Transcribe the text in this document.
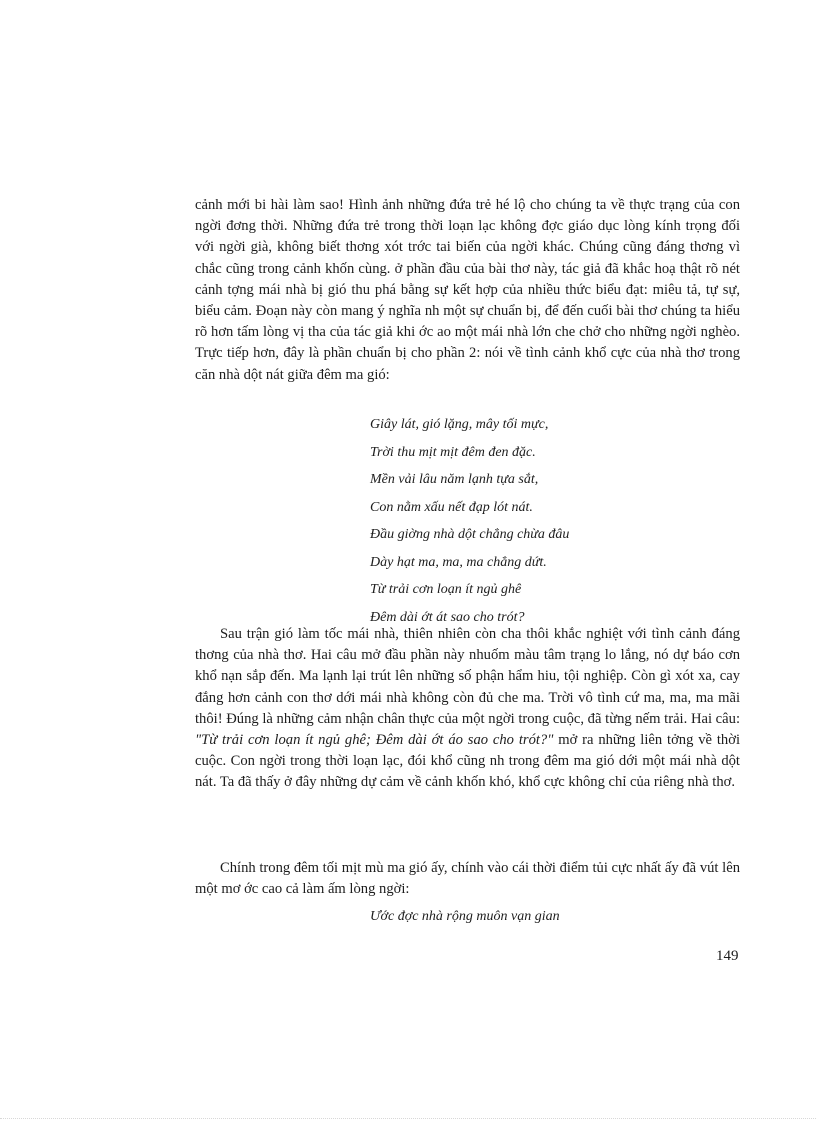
cảnh mới bi hài làm sao! Hình ảnh những đứa trẻ hé lộ cho chúng ta về thực trạng của con ngời đơng thời. Những đứa trẻ trong thời loạn lạc không đợc giáo dục lòng kính trọng đối với ngời già, không biết thơng xót trớc tai biến của ngời khác. Chúng cũng đáng thơng vì chắc cũng trong cảnh khốn cùng. ở phần đầu của bài thơ này, tác giả đã khắc hoạ thật rõ nét cảnh tợng mái nhà bị gió thu phá bằng sự kết hợp của nhiều thức biểu đạt: miêu tả, tự sự, biểu cảm. Đoạn này còn mang ý nghĩa nh một sự chuẩn bị, để đến cuối bài thơ chúng ta hiểu rõ hơn tấm lòng vị tha của tác giả khi ớc ao một mái nhà lớn che chở cho những ngời nghèo. Trực tiếp hơn, đây là phần chuẩn bị cho phần 2: nói về tình cảnh khổ cực của nhà thơ trong căn nhà dột nát giữa đêm ma gió:

Giây lát, gió lặng, mây tối mực,
Trời thu mịt mịt đêm đen đặc.
Mền vải lâu năm lạnh tựa sắt,
Con nằm xấu nết đạp lót nát.
Đầu giờng nhà dột chẳng chừa đâu
Dày hạt ma, ma, ma chẳng dứt.
Từ trải cơn loạn ít ngủ ghê
Đêm dài ớt át sao cho trót?

Sau trận gió làm tốc mái nhà, thiên nhiên còn cha thôi khắc nghiệt với tình cảnh đáng thơng của nhà thơ. Hai câu mở đầu phần này nhuốm màu tâm trạng lo lắng, nó dự báo cơn khổ nạn sắp đến. Ma lạnh lại trút lên những số phận hẩm hiu, tội nghiệp. Còn gì xót xa, cay đắng hơn cảnh con thơ dới mái nhà không còn đủ che ma. Trời vô tình cứ ma, ma, ma mãi thôi! Đúng là những cảm nhận chân thực của một ngời trong cuộc, đã từng nếm trải. Hai câu: "Từ trải cơn loạn ít ngủ ghê; Đêm dài ớt áo sao cho trót?" mở ra những liên tởng về thời cuộc. Con ngời trong thời loạn lạc, đói khổ cũng nh trong đêm ma gió dới một mái nhà dột nát. Ta đã thấy ở đây những dự cảm về cảnh khốn khó, khổ cực không chỉ của riêng nhà thơ.

Chính trong đêm tối mịt mù ma gió ấy, chính vào cái thời điểm tủi cực nhất ấy đã vút lên một mơ ớc cao cả làm ấm lòng ngời:

Ước đợc nhà rộng muôn vạn gian
149
